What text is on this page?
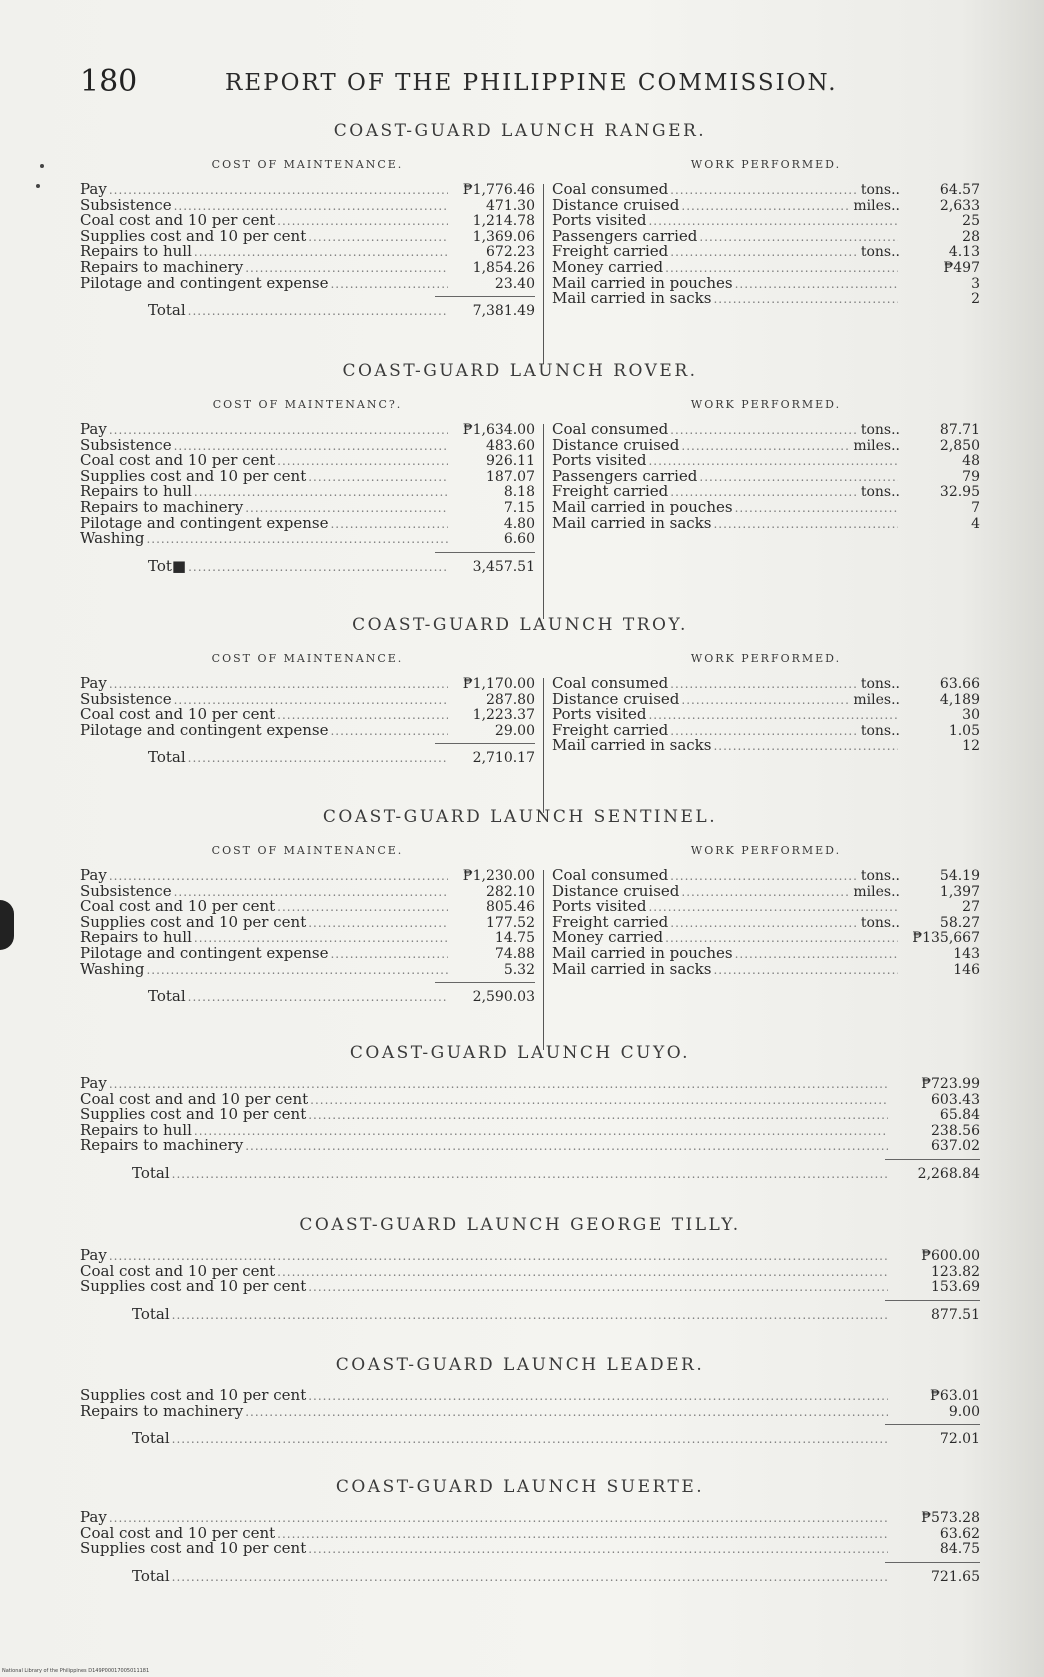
180	REPORT OF THE PHILIPPINE COMMISSION.
COAST-GUARD LAUNCH RANGER.
COST OF MAINTENANCE.
Pay .....	₱1,776.46
Subsistence .....	471.30
Coal cost and 10 per cent .....	1,214.78
Supplies cost and 10 per cent .....	1,369.06
Repairs to hull .....	672.23
Repairs to machinery .....	1,854.26
Pilotage and contingent expense .....	23.40
Total .....	7,381.49
WORK PERFORMED.
Coal consumed .....	tons..	64.57
Distance cruised .....	miles..	2,633
Ports visited .....	25
Passengers carried .....	28
Freight carried .....	tons..	4.13
Money carried .....	₱497
Mail carried in pouches .....	3
Mail carried in sacks .....	2
COAST-GUARD LAUNCH ROVER.
COST OF MAINTENANC?.
Pay .....	₱1,634.00
Subsistence .....	483.60
Coal cost and 10 per cent .....	926.11
Supplies cost and 10 per cent .....	187.07
Repairs to hull .....	8.18
Repairs to machinery .....	7.15
Pilotage and contingent expense .....	4.80
Washing .....	6.60
Tot■ .....	3,457.51
WORK PERFORMED.
Coal consumed .....	tons..	87.71
Distance cruised .....	miles..	2,850
Ports visited .....	48
Passengers carried .....	79
Freight carried .....	tons..	32.95
Mail carried in pouches .....	7
Mail carried in sacks .....	4
COAST-GUARD LAUNCH TROY.
COST OF MAINTENANCE.
Pay .....	₱1,170.00
Subsistence .....	287.80
Coal cost and 10 per cent .....	1,223.37
Pilotage and contingent expense .....	29.00
Total .....	2,710.17
WORK PERFORMED.
Coal consumed .....	tons..	63.66
Distance cruised .....	miles..	4,189
Ports visited .....	30
Freight carried .....	tons..	1.05
Mail carried in sacks .....	12
COAST-GUARD LAUNCH SENTINEL.
COST OF MAINTENANCE.
Pay .....	₱1,230.00
Subsistence .....	282.10
Coal cost and 10 per cent .....	805.46
Supplies cost and 10 per cent .....	177.52
Repairs to hull .....	14.75
Pilotage and contingent expense .....	74.88
Washing .....	5.32
Total .....	2,590.03
WORK PERFORMED.
Coal consumed .....	tons..	54.19
Distance cruised .....	miles..	1,397
Ports visited .....	27
Freight carried .....	tons..	58.27
Money carried .....	₱135,667
Mail carried in pouches .....	143
Mail carried in sacks .....	146
COAST-GUARD LAUNCH CUYO.
Pay .....	₱723.99
Coal cost and and 10 per cent .....	603.43
Supplies cost and 10 per cent .....	65.84
Repairs to hull .....	238.56
Repairs to machinery .....	637.02
Total .....	2,268.84
COAST-GUARD LAUNCH GEORGE TILLY.
Pay .....	₱600.00
Coal cost and 10 per cent .....	123.82
Supplies cost and 10 per cent .....	153.69
Total .....	877.51
COAST-GUARD LAUNCH LEADER.
Supplies cost and 10 per cent .....	₱63.01
Repairs to machinery .....	9.00
Total .....	72.01
COAST-GUARD LAUNCH SUERTE.
Pay .....	₱573.28
Coal cost and 10 per cent .....	63.62
Supplies cost and 10 per cent .....	84.75
Total .....	721.65
National Library of the Philippines D149P00017005011181
